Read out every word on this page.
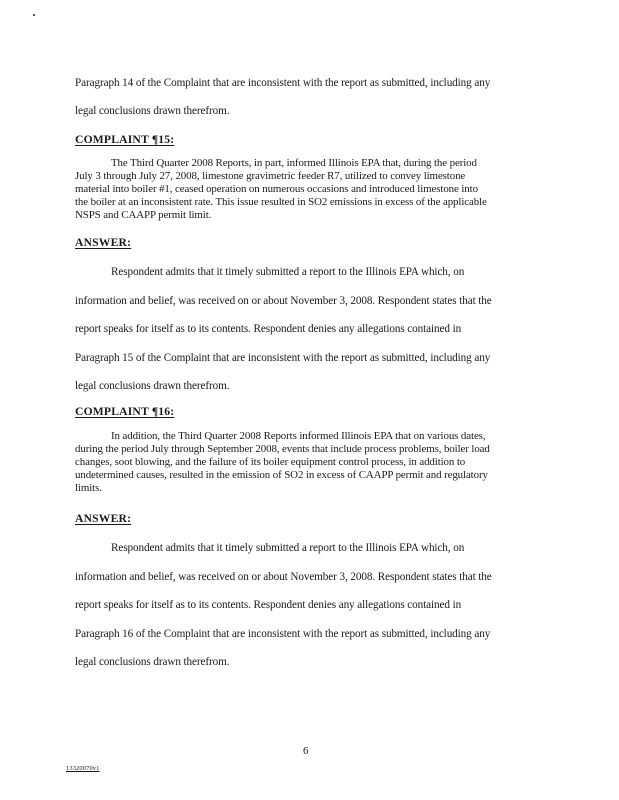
Paragraph 14 of the Complaint that are inconsistent with the report as submitted, including any
legal conclusions drawn therefrom.
COMPLAINT ¶15:
The Third Quarter 2008 Reports, in part, informed Illinois EPA that, during the period
July 3 through July 27, 2008, limestone gravimetric feeder R7, utilized to convey limestone
material into boiler #1, ceased operation on numerous occasions and introduced limestone into
the boiler at an inconsistent rate. This issue resulted in SO2 emissions in excess of the applicable
NSPS and CAAPP permit limit.
ANSWER:
Respondent admits that it timely submitted a report to the Illinois EPA which, on
information and belief, was received on or about November 3, 2008. Respondent states that the
report speaks for itself as to its contents. Respondent denies any allegations contained in
Paragraph 15 of the Complaint that are inconsistent with the report as submitted, including any
legal conclusions drawn therefrom.
COMPLAINT ¶16:
In addition, the Third Quarter 2008 Reports informed Illinois EPA that on various dates,
during the period July through September 2008, events that include process problems, boiler load
changes, soot blowing, and the failure of its boiler equipment control process, in addition to
undetermined causes, resulted in the emission of SO2 in excess of CAAPP permit and regulatory
limits.
ANSWER:
Respondent admits that it timely submitted a report to the Illinois EPA which, on
information and belief, was received on or about November 3, 2008. Respondent states that the
report speaks for itself as to its contents. Respondent denies any allegations contained in
Paragraph 16 of the Complaint that are inconsistent with the report as submitted, including any
legal conclusions drawn therefrom.
6
13320070v1
